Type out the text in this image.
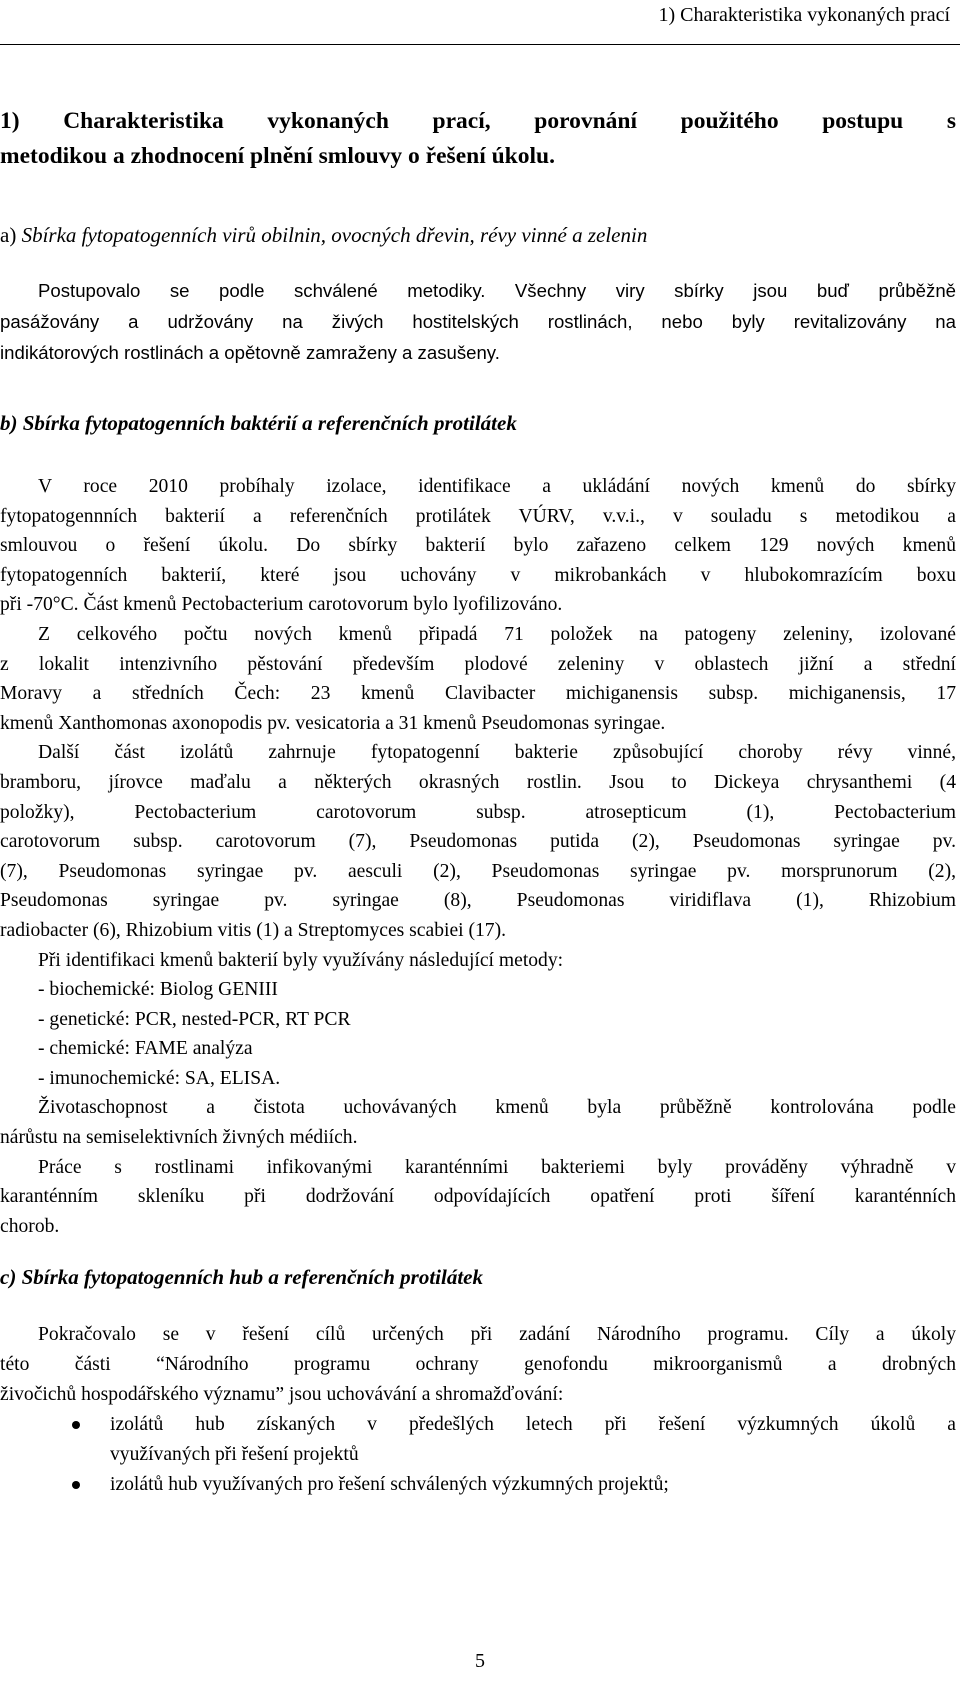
1) Charakteristika vykonaných prací
1) Charakteristika vykonaných prací, porovnání použitého postupu s
metodikou a zhodnocení plnění smlouvy o řešení úkolu.
a) Sbírka fytopatogenních virů obilnin, ovocných dřevin, révy vinné a zelenin
Postupovalo se podle schválené metodiky. Všechny viry sbírky jsou buď průběžně
pasážovány a udržovány na živých hostitelských rostlinách, nebo byly revitalizovány na
indikátorových rostlinách a opětovně zamraženy a zasušeny.
b) Sbírka fytopatogenních baktérií a referenčních protilátek
V roce 2010 probíhaly izolace, identifikace a ukládání nových kmenů do sbírky
fytopatogennních bakterií a referenčních protilátek VÚRV, v.v.i., v souladu s metodikou a
smlouvou o řešení úkolu. Do sbírky bakterií bylo zařazeno celkem 129 nových kmenů
fytopatogenních bakterií, které jsou uchovány v mikrobankách v hlubokomrazícím boxu
při -70°C. Část kmenů Pectobacterium carotovorum bylo lyofilizováno.
Z celkového počtu nových kmenů připadá 71 položek na patogeny zeleniny, izolované
z lokalit intenzivního pěstování především plodové zeleniny v oblastech jižní a střední
Moravy a středních Čech: 23 kmenů Clavibacter michiganensis subsp. michiganensis, 17
kmenů Xanthomonas axonopodis pv. vesicatoria a 31 kmenů Pseudomonas syringae.
Další část izolátů zahrnuje fytopatogenní bakterie způsobující choroby révy vinné,
bramboru, jírovce maďalu a některých okrasných rostlin. Jsou to Dickeya chrysanthemi (4
položky), Pectobacterium carotovorum subsp. atrosepticum (1), Pectobacterium
carotovorum subsp. carotovorum (7), Pseudomonas putida (2), Pseudomonas syringae pv.
(7), Pseudomonas syringae pv. aesculi (2), Pseudomonas syringae pv. morsprunorum (2),
Pseudomonas syringae pv. syringae (8), Pseudomonas viridiflava (1), Rhizobium
radiobacter (6), Rhizobium vitis (1) a Streptomyces scabiei (17).
Při identifikaci kmenů bakterií byly využívány následující metody:
- biochemické: Biolog GENIII
- genetické: PCR, nested-PCR, RT PCR
- chemické: FAME analýza
- imunochemické: SA, ELISA.
Životaschopnost a čistota uchovávaných kmenů byla průběžně kontrolována podle
nárůstu na semiselektivních živných médiích.
Práce s rostlinami infikovanými karanténními bakteriemi byly prováděny výhradně v
karanténním skleníku při dodržování odpovídajících opatření proti šíření karanténních
chorob.
c) Sbírka fytopatogenních hub a referenčních protilátek
Pokračovalo se v řešení cílů určených při zadání Národního programu. Cíly a úkoly
této části “Národního programu ochrany genofondu mikroorganismů a drobných
živočichů hospodářského významu” jsou uchovávání a shromažďování:
izolátů hub získaných v předešlých letech při řešení výzkumných úkolů a
využívaných při řešení projektů
izolátů hub využívaných pro řešení schválených výzkumných projektů;
5
